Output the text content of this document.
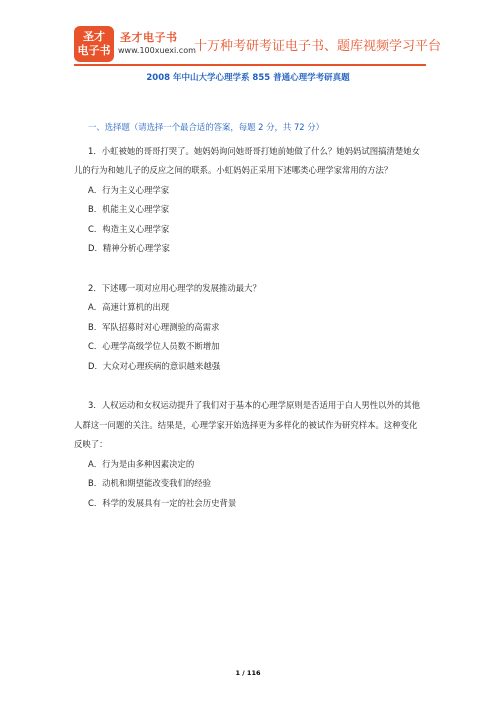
圣才
电子书
圣才电子书
www.100xuexi.com
十万种考研考证电子书、题库视频学习平台
2008 年中山大学心理学系 855 普通心理学考研真题
一、选择题（请选择一个最合适的答案，每题 2 分，共 72 分）
1．小虹被她的哥哥打哭了。她妈妈询问她哥哥打她前她做了什么？她妈妈试图搞清楚她女儿的行为和她儿子的反应之间的联系。小虹妈妈正采用下述哪类心理学家常用的方法？
A．行为主义心理学家
B．机能主义心理学家
C．构造主义心理学家
D．精神分析心理学家
2．下述哪一项对应用心理学的发展推动最大？
A．高速计算机的出现
B．军队招募时对心理测验的高需求
C．心理学高级学位人员数不断增加
D．大众对心理疾病的意识越来越强
3．人权运动和女权运动提升了我们对于基本的心理学原则是否适用于白人男性以外的其他人群这一问题的关注。结果是，心理学家开始选择更为多样化的被试作为研究样本。这种变化反映了：
A．行为是由多种因素决定的
B．动机和期望能改变我们的经验
C．科学的发展具有一定的社会历史背景
1 / 116
